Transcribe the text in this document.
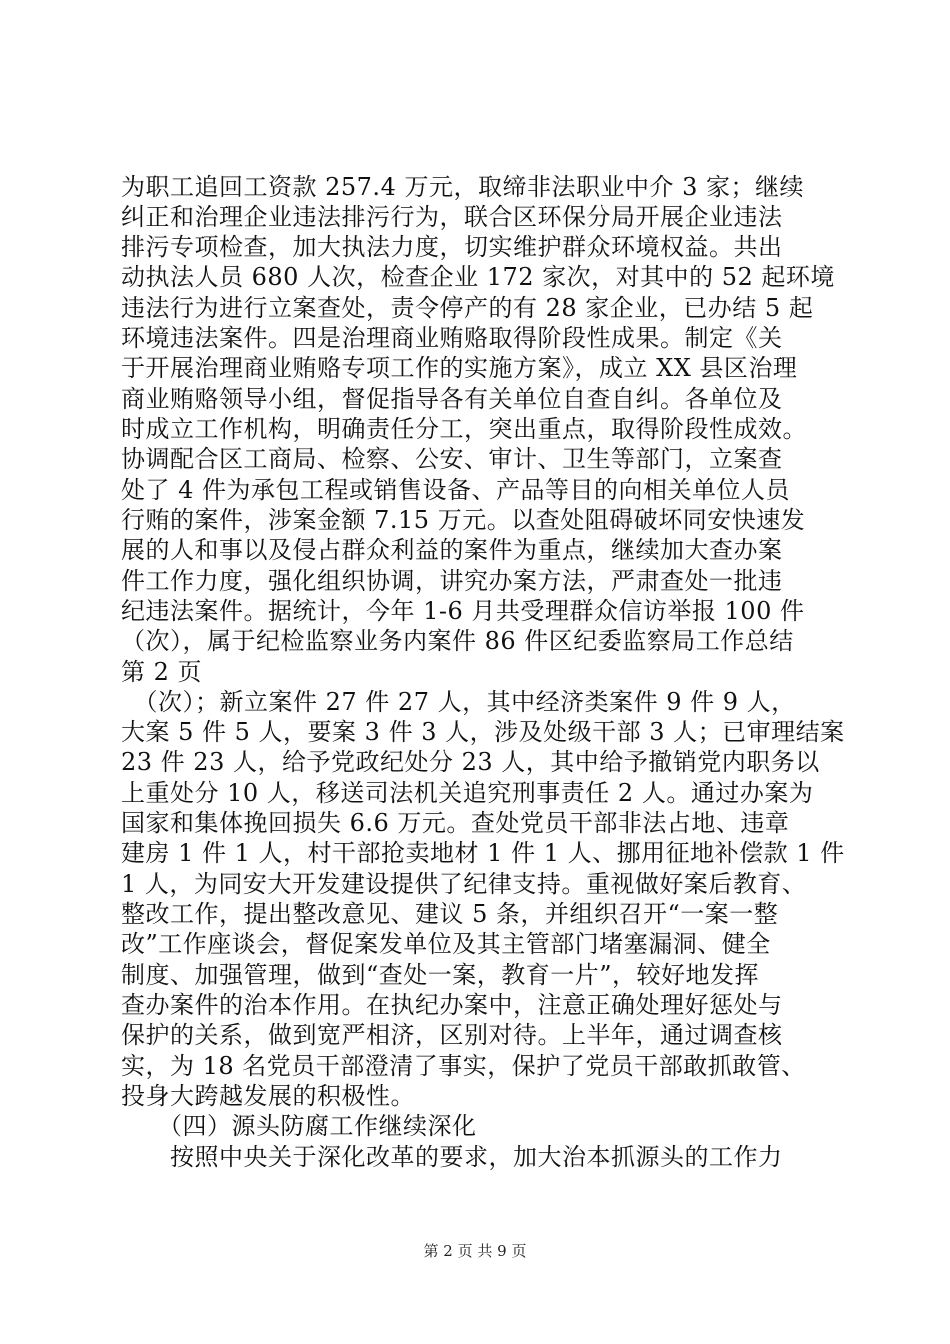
为职工追回工资款 257.4 万元，取缔非法职业中介 3 家；继续
纠正和治理企业违法排污行为，联合区环保分局开展企业违法
排污专项检查，加大执法力度，切实维护群众环境权益。共出
动执法人员 680 人次，检查企业 172 家次，对其中的 52 起环境
违法行为进行立案查处，责令停产的有 28 家企业，已办结 5 起
环境违法案件。四是治理商业贿赂取得阶段性成果。制定《关
于开展治理商业贿赂专项工作的实施方案》，成立 XX 县区治理
商业贿赂领导小组，督促指导各有关单位自查自纠。各单位及
时成立工作机构，明确责任分工，突出重点，取得阶段性成效。
协调配合区工商局、检察、公安、审计、卫生等部门，立案查
处了 4 件为承包工程或销售设备、产品等目的向相关单位人员
行贿的案件，涉案金额 7.15 万元。以查处阻碍破坏同安快速发
展的人和事以及侵占群众利益的案件为重点，继续加大查办案
件工作力度，强化组织协调，讲究办案方法，严肃查处一批违
纪违法案件。据统计，今年 1-6 月共受理群众信访举报 100 件
（次），属于纪检监察业务内案件 86 件区纪委监察局工作总结
第 2 页
　（次）；新立案件 27 件 27 人，其中经济类案件 9 件 9 人，
大案 5 件 5 人，要案 3 件 3 人，涉及处级干部 3 人；已审理结案
23 件 23 人，给予党政纪处分 23 人，其中给予撤销党内职务以
上重处分 10 人，移送司法机关追究刑事责任 2 人。通过办案为
国家和集体挽回损失 6.6 万元。查处党员干部非法占地、违章
建房 1 件 1 人，村干部抢卖地材 1 件 1 人、挪用征地补偿款 1 件
1 人，为同安大开发建设提供了纪律支持。重视做好案后教育、
整改工作，提出整改意见、建议 5 条，并组织召开“一案一整
改”工作座谈会，督促案发单位及其主管部门堵塞漏洞、健全
制度、加强管理，做到“查处一案，教育一片”，较好地发挥
查办案件的治本作用。在执纪办案中，注意正确处理好惩处与
保护的关系，做到宽严相济，区别对待。上半年，通过调查核
实，为 18 名党员干部澄清了事实，保护了党员干部敢抓敢管、
投身大跨越发展的积极性。
　　（四）源头防腐工作继续深化
　　按照中央关于深化改革的要求，加大治本抓源头的工作力
第 2 页 共 9 页
